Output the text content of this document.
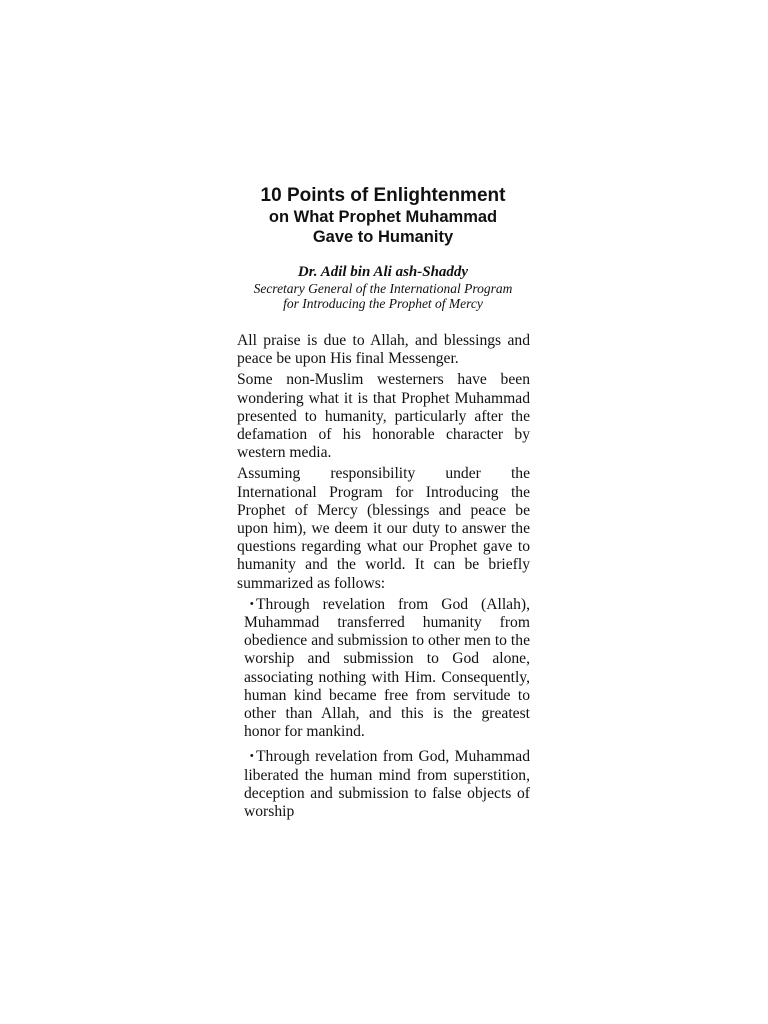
10 Points of Enlightenment
on What Prophet Muhammad
Gave to Humanity
Dr. Adil bin Ali ash-Shaddy
Secretary General of the International Program
for Introducing the Prophet of Mercy

All praise is due to Allah, and blessings and peace be upon His final Messenger.

Some non-Muslim westerners have been wondering what it is that Prophet Muhammad presented to humanity, particularly after the defamation of his honorable character by western media.

Assuming responsibility under the International Program for Introducing the Prophet of Mercy (blessings and peace be upon him), we deem it our duty to answer the questions regarding what our Prophet gave to humanity and the world. It can be briefly summarized as follows:

・Through revelation from God (Allah), Muhammad transferred humanity from obedience and submission to other men to the worship and submission to God alone, associating nothing with Him. Consequently, human kind became free from servitude to other than Allah, and this is the greatest honor for mankind.
・Through revelation from God, Muhammad liberated the human mind from superstition, deception and submission to false objects of worship
